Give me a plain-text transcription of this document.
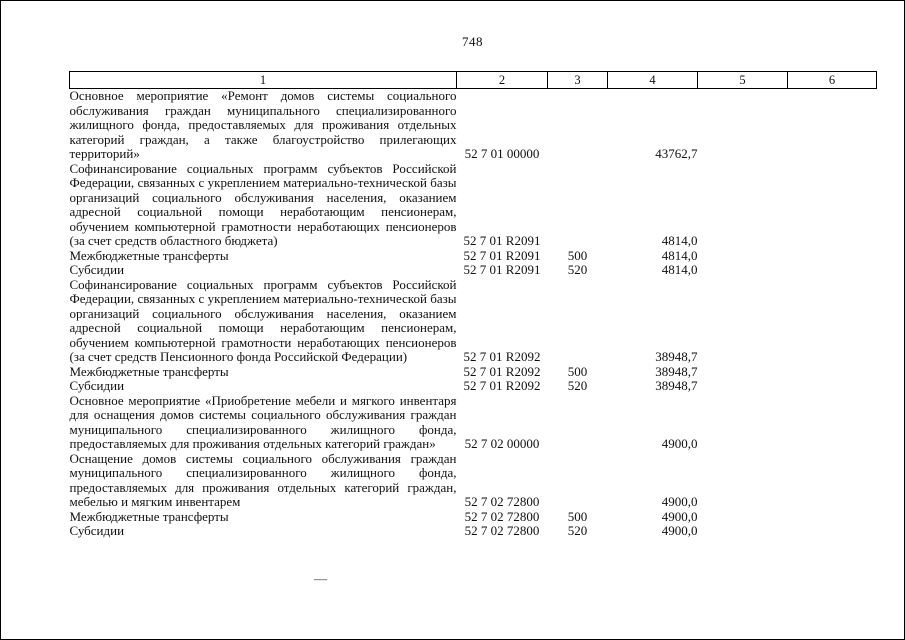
748
1	2	3	4	5	6
Основное мероприятие «Ремонт домов системы социального обслуживания граждан муниципального специализированного жилищного фонда, предоставляемых для проживания отдельных категорий граждан, а также благоустройство прилегающих территорий»	52 7 01 00000		43762,7		
Софинансирование социальных программ субъектов Российской Федерации, связанных с укреплением материально-технической базы организаций социального обслуживания населения, оказанием адресной социальной помощи неработающим пенсионерам, обучением компьютерной грамотности неработающих пенсионеров (за счет средств областного бюджета)	52 7 01 R2091		4814,0		
Межбюджетные трансферты	52 7 01 R2091	500	4814,0		
Субсидии	52 7 01 R2091	520	4814,0		
Софинансирование социальных программ субъектов Российской Федерации, связанных с укреплением материально-технической базы организаций социального обслуживания населения, оказанием адресной социальной помощи неработающим пенсионерам, обучением компьютерной грамотности неработающих пенсионеров (за счет средств Пенсионного фонда Российской Федерации)	52 7 01 R2092		38948,7		
Межбюджетные трансферты	52 7 01 R2092	500	38948,7		
Субсидии	52 7 01 R2092	520	38948,7		
Основное мероприятие «Приобретение мебели и мягкого инвентаря для оснащения домов системы социального обслуживания граждан муниципального специализированного жилищного фонда, предоставляемых для проживания отдельных категорий граждан»	52 7 02 00000		4900,0		
Оснащение домов системы социального обслуживания граждан муниципального специализированного жилищного фонда, предоставляемых для проживания отдельных категорий граждан, мебелью и мягким инвентарем	52 7 02 72800		4900,0		
Межбюджетные трансферты	52 7 02 72800	500	4900,0		
Субсидии	52 7 02 72800	520	4900,0		
—
